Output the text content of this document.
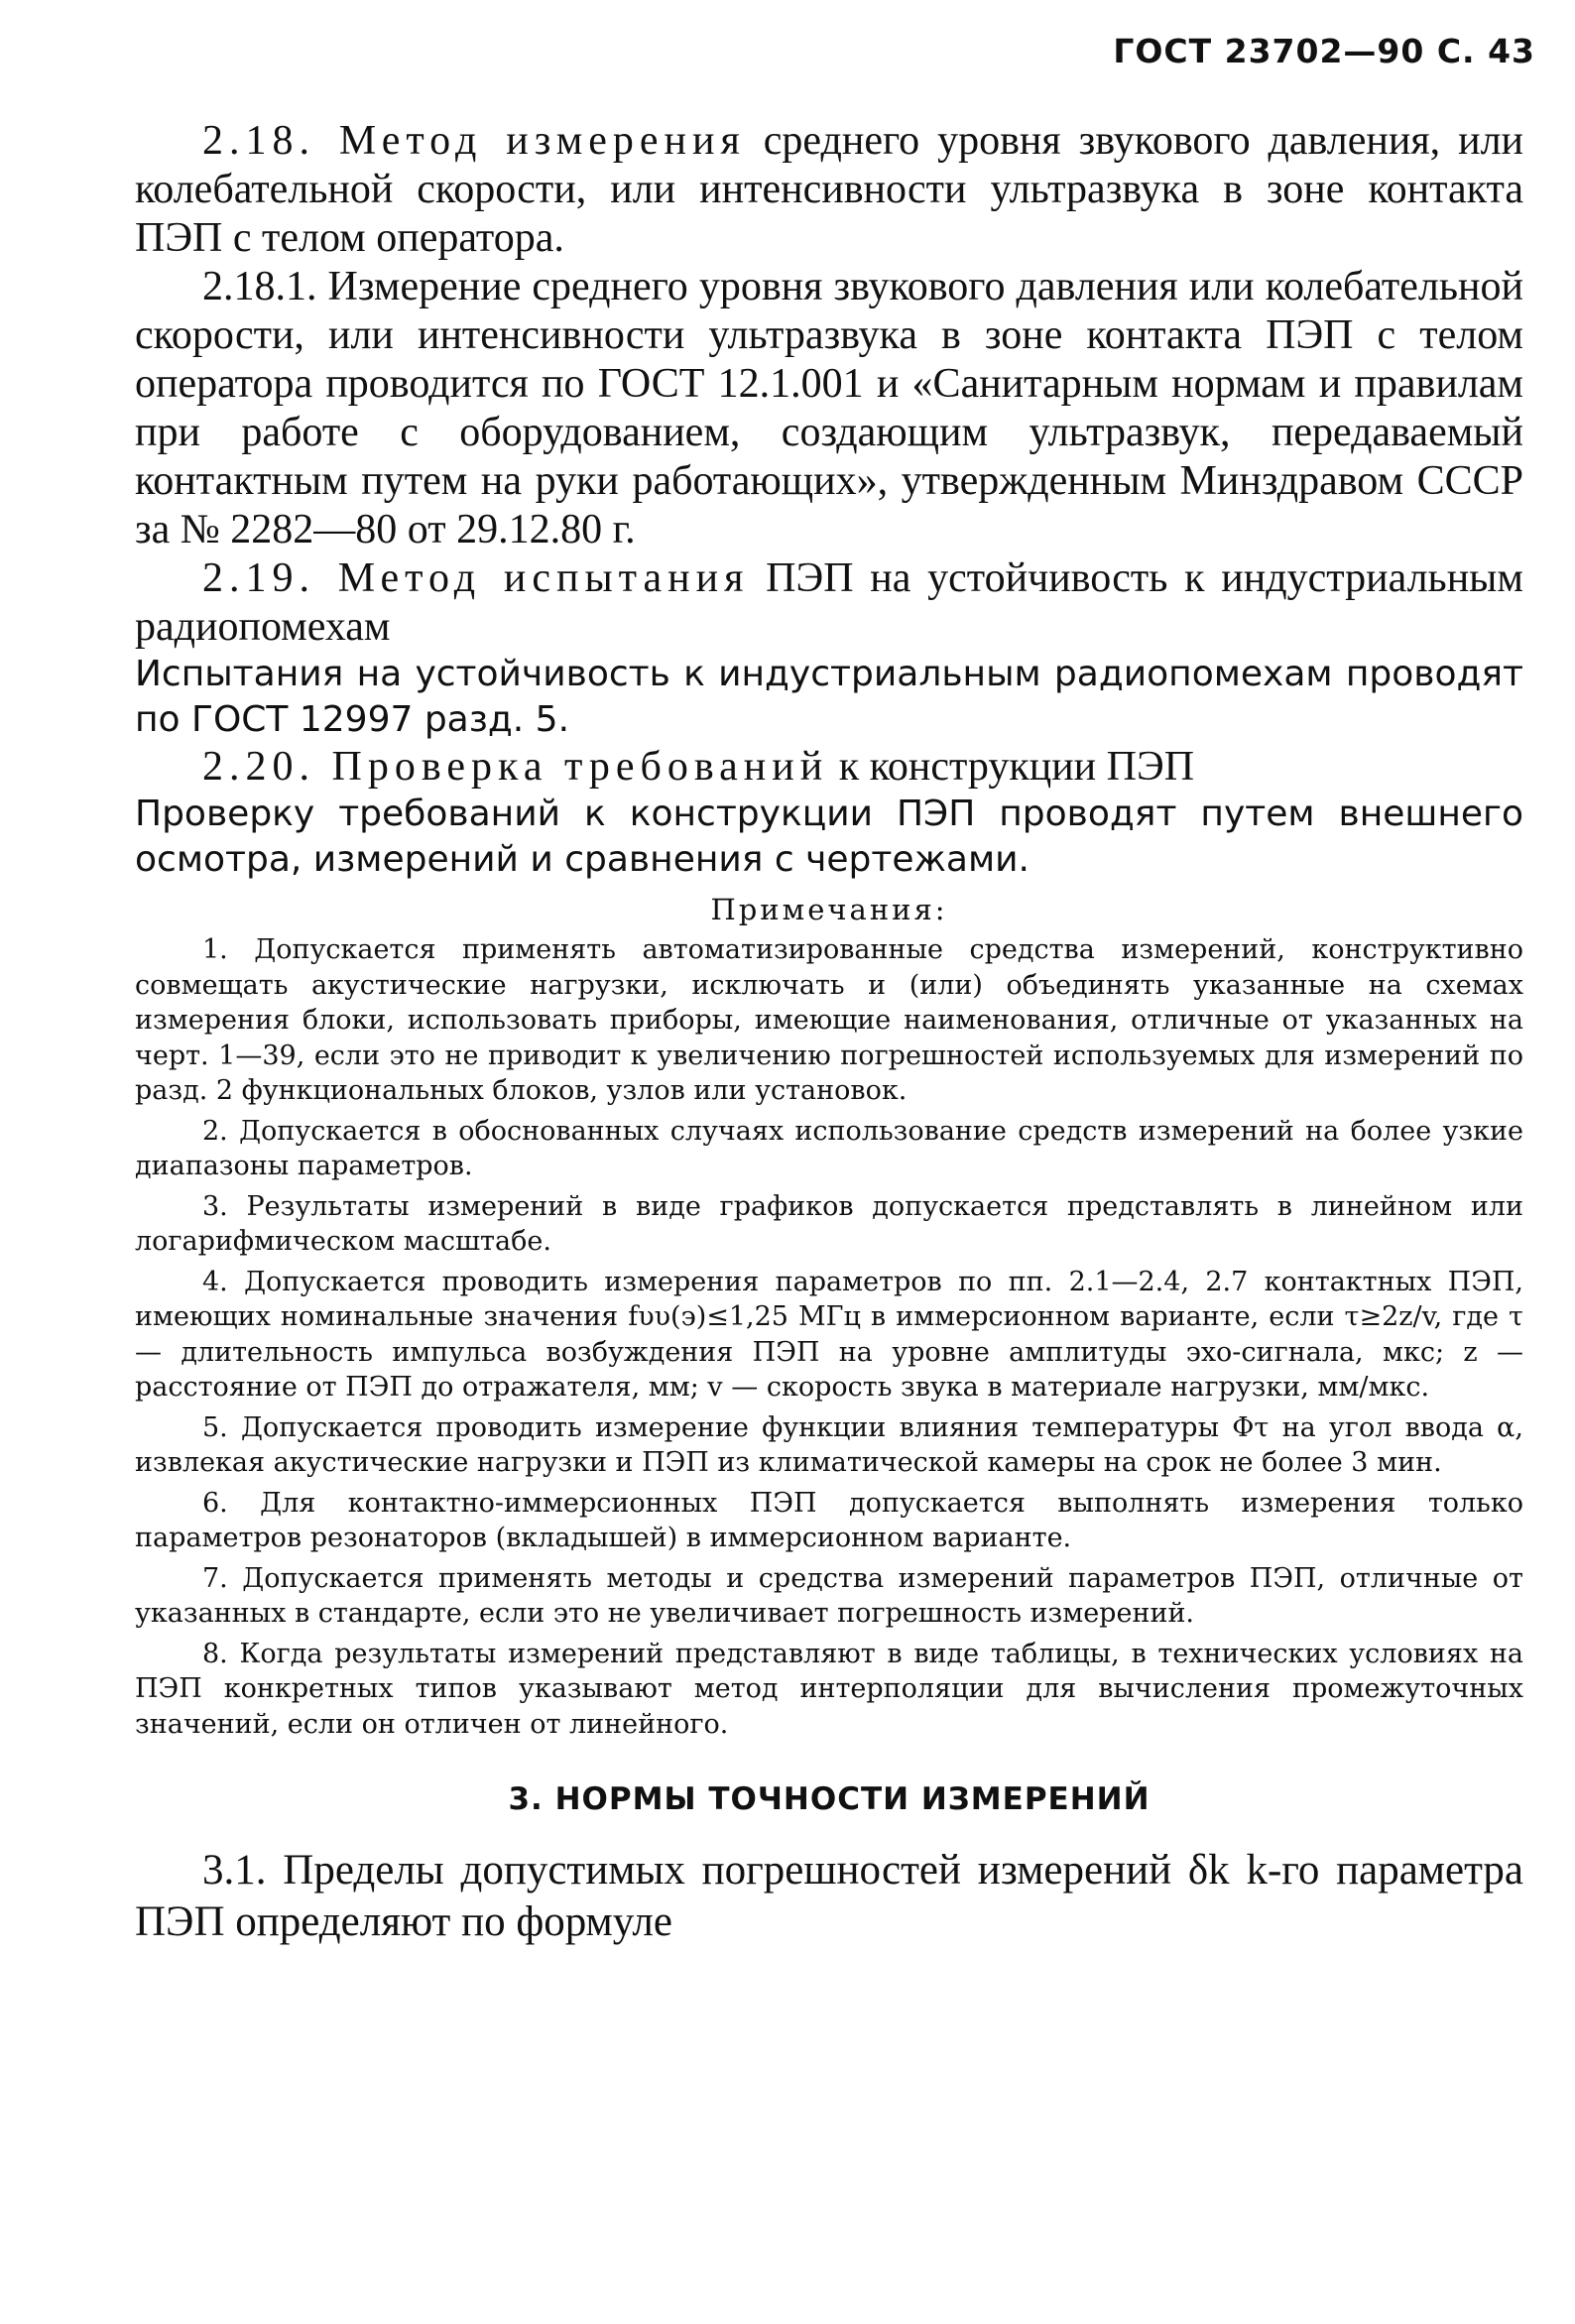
ГОСТ 23702—90 С. 43

2.18. Метод измерения среднего уровня звукового давления, или колебательной скорости, или интенсивности ультразвука в зоне контакта ПЭП с телом оператора.

2.18.1. Измерение среднего уровня звукового давления или колебательной скорости, или интенсивности ультразвука в зоне контакта ПЭП с телом оператора проводится по ГОСТ 12.1.001 и «Санитарным нормам и правилам при работе с оборудованием, создающим ультразвук, передаваемый контактным путем на руки работающих», утвержденным Минздравом СССР за № 2282—80 от 29.12.80 г.

2.19. Метод испытания ПЭП на устойчивость к индустриальным радиопомехам

Испытания на устойчивость к индустриальным радиопомехам проводят по ГОСТ 12997 разд. 5.

2.20. Проверка требований к конструкции ПЭП

Проверку требований к конструкции ПЭП проводят путем внешнего осмотра, измерений и сравнения с чертежами.

Примечания:

1. Допускается применять автоматизированные средства измерений, конструктивно совмещать акустические нагрузки, исключать и (или) объединять указанные на схемах измерения блоки, использовать приборы, имеющие наименования, отличные от указанных на черт. 1—39, если это не приводит к увеличению погрешностей используемых для измерений по разд. 2 функциональных блоков, узлов или установок.

2. Допускается в обоснованных случаях использование средств измерений на более узкие диапазоны параметров.

3. Результаты измерений в виде графиков допускается представлять в линейном или логарифмическом масштабе.

4. Допускается проводить измерения параметров по пп. 2.1—2.4, 2.7 контактных ПЭП, имеющих номинальные значения fυυ(э)≤1,25 МГц в иммерсионном варианте, если τ≥2z/v, где τ — длительность импульса возбуждения ПЭП на уровне амплитуды эхо-сигнала, мкс; z — расстояние от ПЭП до отражателя, мм; v — скорость звука в материале нагрузки, мм/мкс.

5. Допускается проводить измерение функции влияния температуры Φτ на угол ввода α, извлекая акустические нагрузки и ПЭП из климатической камеры на срок не более 3 мин.

6. Для контактно-иммерсионных ПЭП допускается выполнять измерения только параметров резонаторов (вкладышей) в иммерсионном варианте.

7. Допускается применять методы и средства измерений параметров ПЭП, отличные от указанных в стандарте, если это не увеличивает погрешность измерений.

8. Когда результаты измерений представляют в виде таблицы, в технических условиях на ПЭП конкретных типов указывают метод интерполяции для вычисления промежуточных значений, если он отличен от линейного.

3. НОРМЫ ТОЧНОСТИ ИЗМЕРЕНИЙ

3.1. Пределы допустимых погрешностей измерений δk k-го параметра ПЭП определяют по формуле
